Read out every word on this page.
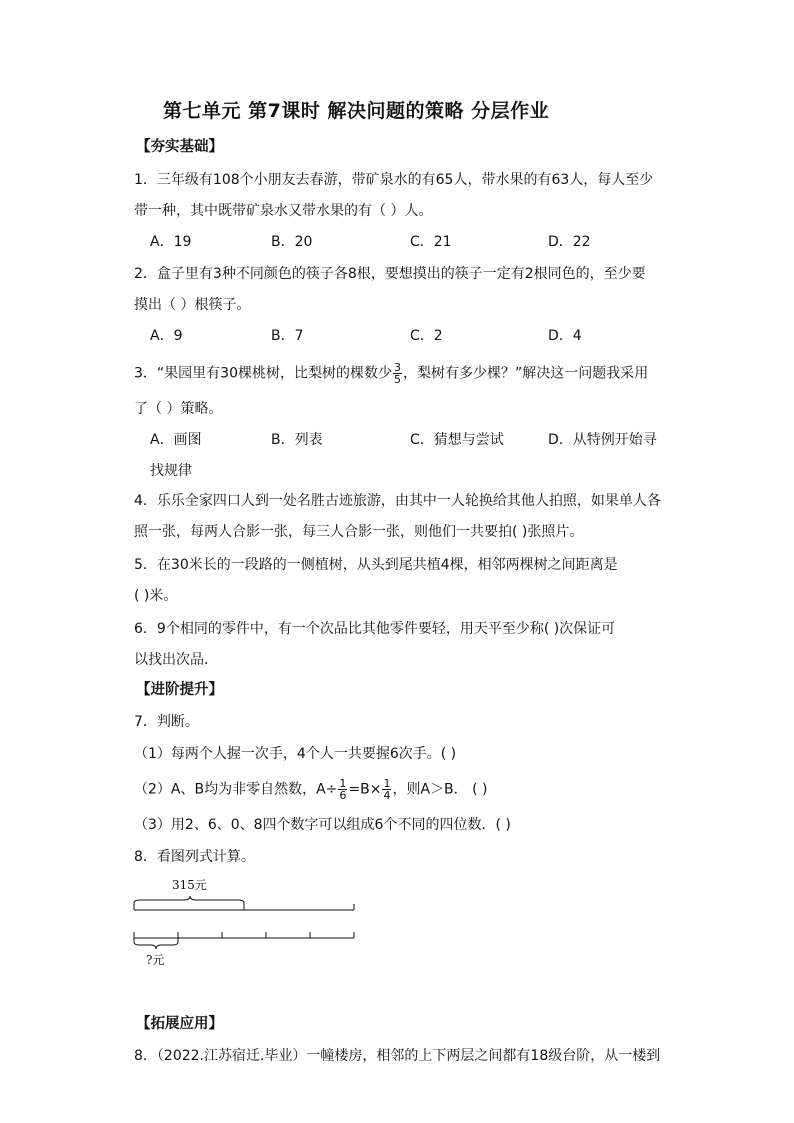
第七单元 第7课时 解决问题的策略 分层作业
【夯实基础】
1．三年级有108个小朋友去春游，带矿泉水的有65人，带水果的有63人，每人至少
带一种，其中既带矿泉水又带水果的有（ ）人。
A．19	B．20	C．21	D．22
2．盒子里有3种不同颜色的筷子各8根，要想摸出的筷子一定有2根同色的，至少要
摸出（ ）根筷子。
A．9	B．7	C．2	D．4
3．“果园里有30棵桃树，比梨树的棵数少 $\frac{3}{5}$ ，梨树有多少棵？”解决这一问题我采用
了（ ）策略。
A．画图	B．列表	C．猜想与尝试	D．从特例开始寻
找规律
4．乐乐全家四口人到一处名胜古迹旅游，由其中一人轮换给其他人拍照，如果单人各
照一张，每两人合影一张，每三人合影一张，则他们一共要拍( )张照片。
5．在30米长的一段路的一侧植树，从头到尾共植4棵，相邻两棵树之间距离是
( )米。
6．9个相同的零件中，有一个次品比其他零件要轻，用天平至少称( )次保证可
以找出次品．
【进阶提升】
7．判断。
（1）每两个人握一次手，4个人一共要握6次手。( )
（2）A、B均为非零自然数，$A\div \frac{1}{6} =B\times \frac{1}{4}$ ，则A＞B． ( )
（3）用2、6、0、8四个数字可以组成6个不同的四位数．( )
8．看图列式计算。
315元
?元
【拓展应用】
8．（2022.江苏宿迁.毕业）一幢楼房，相邻的上下两层之间都有18级台阶，从一楼到
